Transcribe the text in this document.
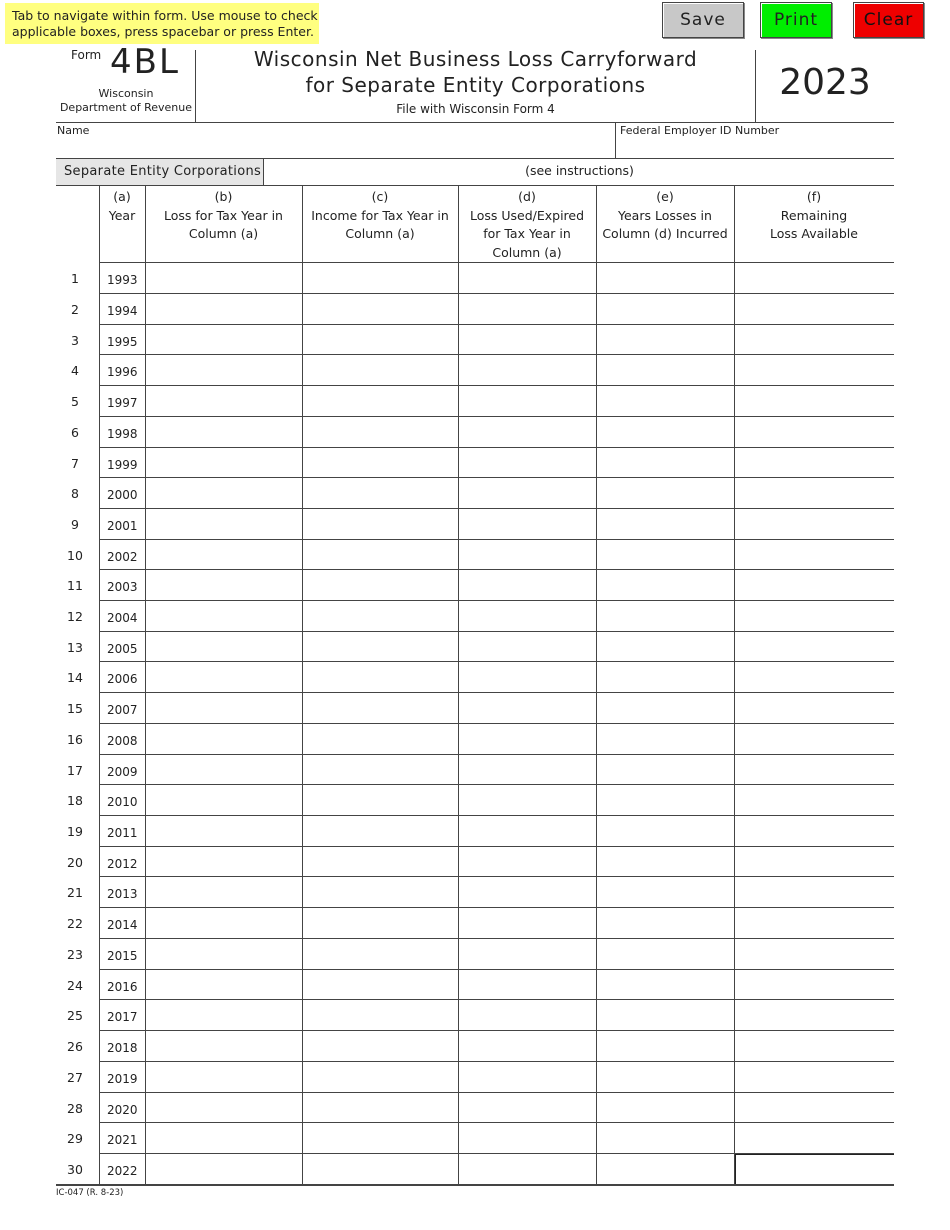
Tab to navigate within form. Use mouse to check applicable boxes, press spacebar or press Enter.
Save	Print	Clear
Form 4BL
Wisconsin
Department of Revenue
Wisconsin Net Business Loss Carryforward
for Separate Entity Corporations
File with Wisconsin Form 4
2023
Name	Federal Employer ID Number
Separate Entity Corporations	(see instructions)
(a)
Year
(b)
Loss for Tax Year in
Column (a)
(c)
Income for Tax Year in
Column (a)
(d)
Loss Used/Expired
for Tax Year in
Column (a)
(e)
Years Losses in
Column (d) Incurred
(f)
Remaining
Loss Available
1	1993
2	1994
3	1995
4	1996
5	1997
6	1998
7	1999
8	2000
9	2001
10	2002
11	2003
12	2004
13	2005
14	2006
15	2007
16	2008
17	2009
18	2010
19	2011
20	2012
21	2013
22	2014
23	2015
24	2016
25	2017
26	2018
27	2019
28	2020
29	2021
30	2022
IC-047 (R. 8-23)
